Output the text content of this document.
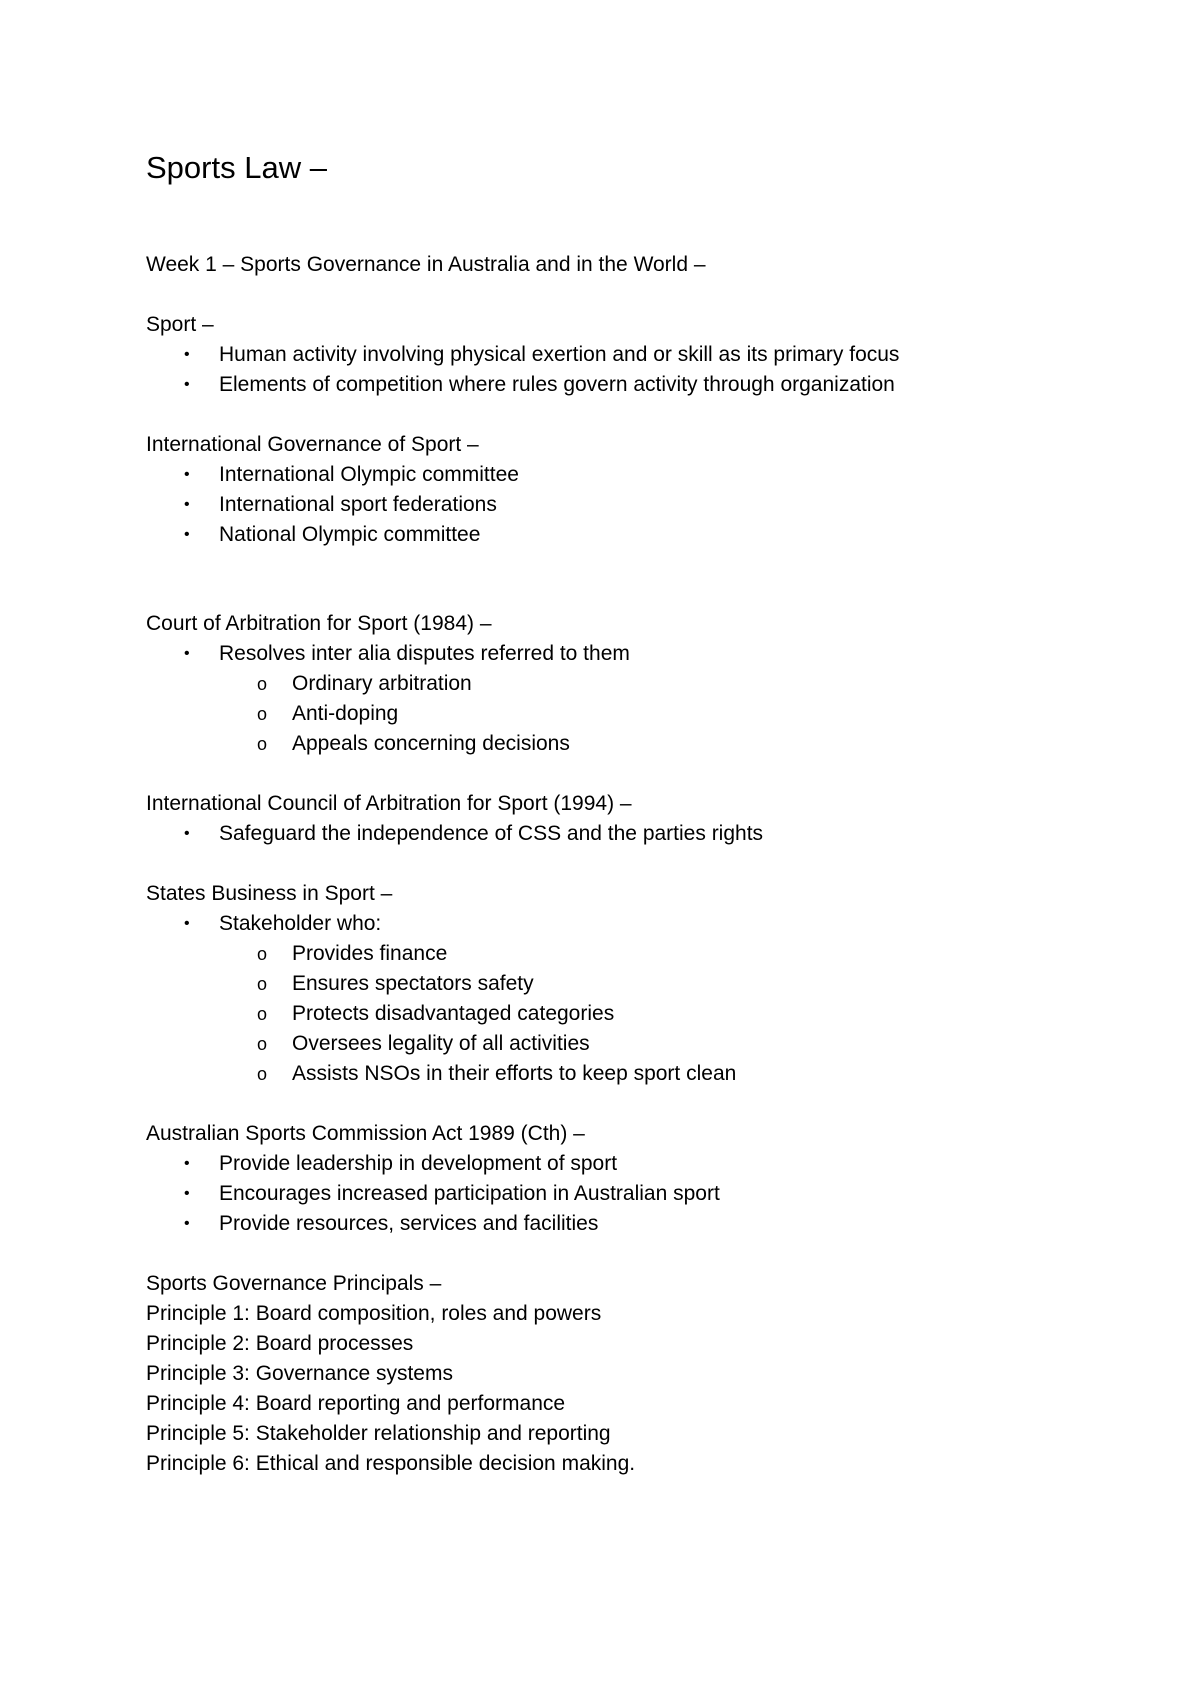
Sports Law –
Week 1 – Sports Governance in Australia and in the World –
Sport –
• Human activity involving physical exertion and or skill as its primary focus
• Elements of competition where rules govern activity through organization
International Governance of Sport –
• International Olympic committee
• International sport federations
• National Olympic committee
Court of Arbitration for Sport (1984) –
• Resolves inter alia disputes referred to them
o Ordinary arbitration
o Anti-doping
o Appeals concerning decisions
International Council of Arbitration for Sport (1994) –
• Safeguard the independence of CSS and the parties rights
States Business in Sport –
• Stakeholder who:
o Provides finance
o Ensures spectators safety
o Protects disadvantaged categories
o Oversees legality of all activities
o Assists NSOs in their efforts to keep sport clean
Australian Sports Commission Act 1989 (Cth) –
• Provide leadership in development of sport
• Encourages increased participation in Australian sport
• Provide resources, services and facilities
Sports Governance Principals –
Principle 1: Board composition, roles and powers
Principle 2: Board processes
Principle 3: Governance systems
Principle 4: Board reporting and performance
Principle 5: Stakeholder relationship and reporting
Principle 6: Ethical and responsible decision making.
